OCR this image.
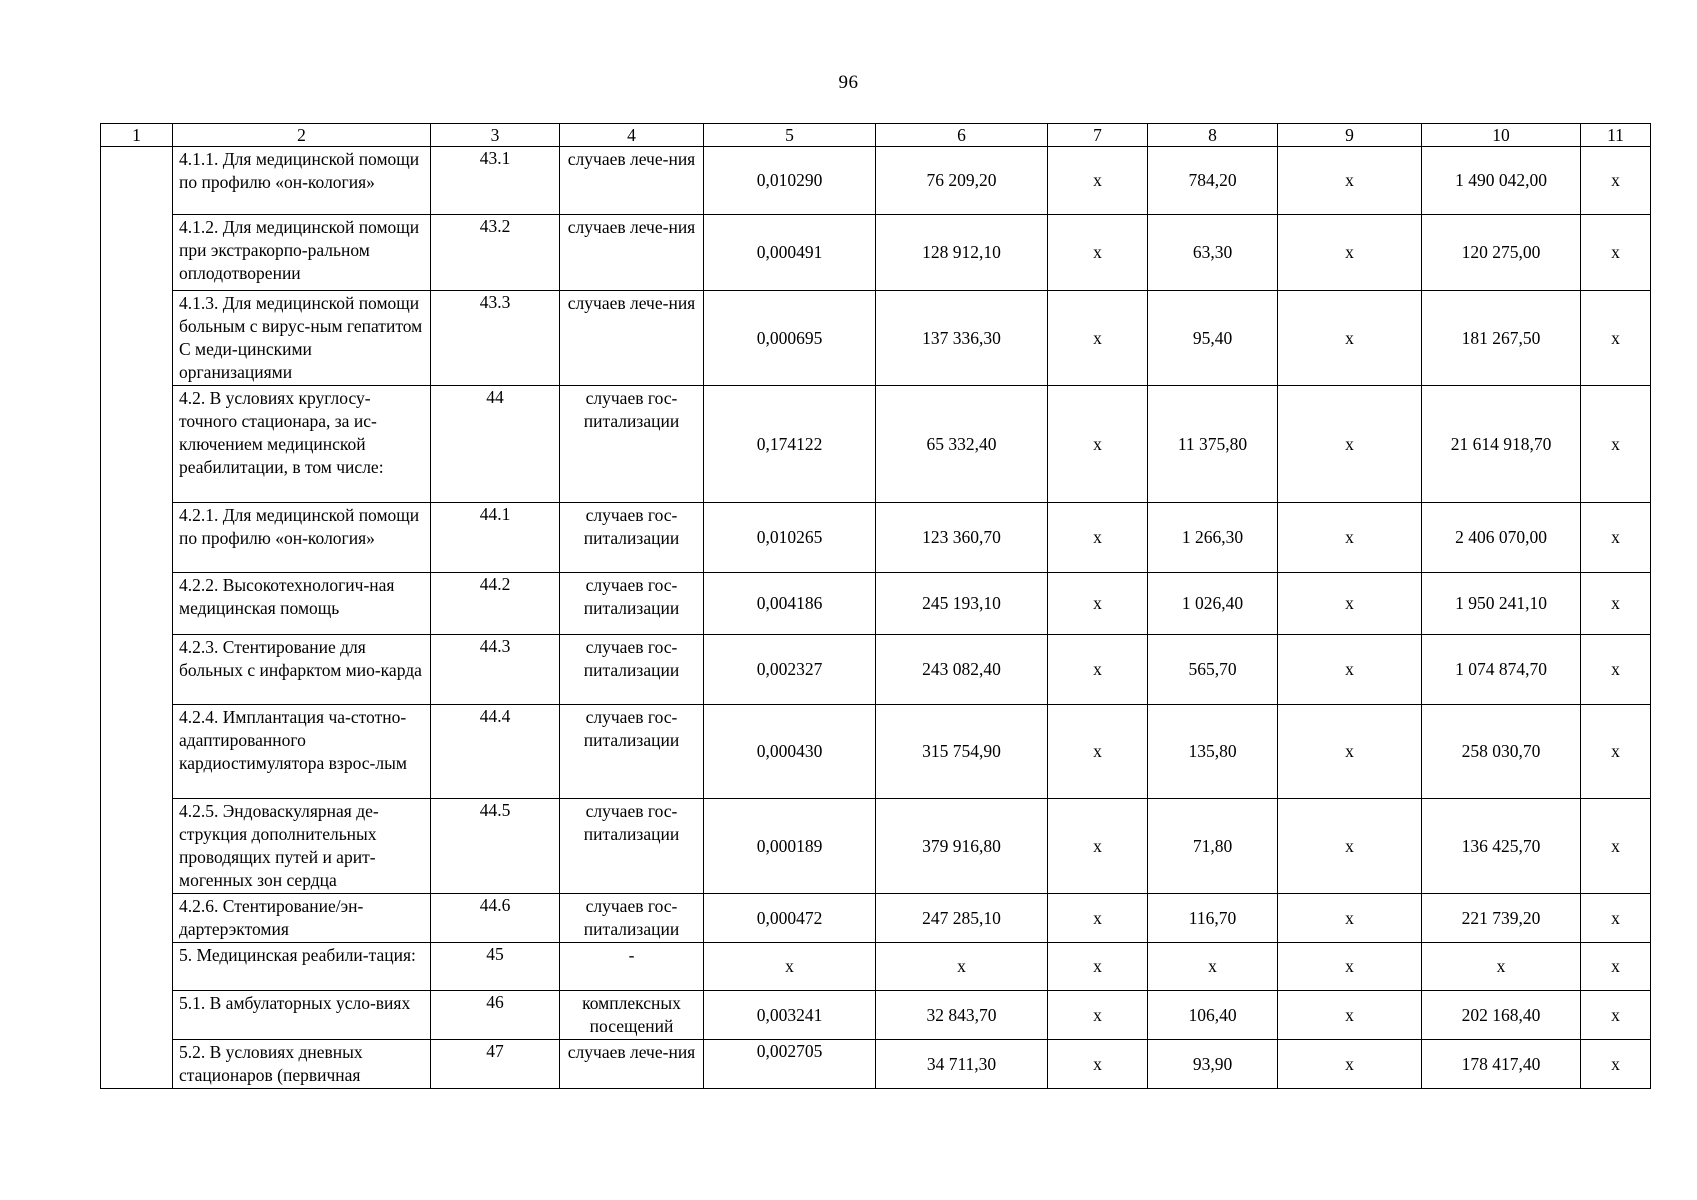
96
1	2	3	4	5	6	7	8	9	10	11
	4.1.1. Для медицинской помощи по профилю «он-кология»	43.1	случаев лече-ния	0,010290	76 209,20	х	784,20	х	1 490 042,00	х
	4.1.2. Для медицинской помощи при экстракорпо-ральном оплодотворении	43.2	случаев лече-ния	0,000491	128 912,10	х	63,30	х	120 275,00	х
	4.1.3. Для медицинской помощи больным с вирус-ным гепатитом С меди-цинскими организациями	43.3	случаев лече-ния	0,000695	137 336,30	х	95,40	х	181 267,50	х
	4.2. В условиях круглосу-точного стационара, за ис-ключением медицинской реабилитации, в том числе:	44	случаев гос-питализации	0,174122	65 332,40	х	11 375,80	х	21 614 918,70	х
	4.2.1. Для медицинской помощи по профилю «он-кология»	44.1	случаев гос-питализации	0,010265	123 360,70	х	1 266,30	х	2 406 070,00	х
	4.2.2. Высокотехнологич-ная медицинская помощь	44.2	случаев гос-питализации	0,004186	245 193,10	х	1 026,40	х	1 950 241,10	х
	4.2.3. Стентирование для больных с инфарктом мио-карда	44.3	случаев гос-питализации	0,002327	243 082,40	х	565,70	х	1 074 874,70	х
	4.2.4. Имплантация ча-стотно-адаптированного кардиостимулятора взрос-лым	44.4	случаев гос-питализации	0,000430	315 754,90	х	135,80	х	258 030,70	х
	4.2.5. Эндоваскулярная де-струкция дополнительных проводящих путей и арит-могенных зон сердца	44.5	случаев гос-питализации	0,000189	379 916,80	х	71,80	х	136 425,70	х
	4.2.6. Стентирование/эн-дартерэктомия	44.6	случаев гос-питализации	0,000472	247 285,10	х	116,70	х	221 739,20	х
	5. Медицинская реабили-тация:	45	-	х	х	х	х	х	х	х
	5.1. В амбулаторных усло-виях	46	комплексных посещений	0,003241	32 843,70	х	106,40	х	202 168,40	х
	5.2. В условиях дневных стационаров (первичная	47	случаев лече-ния	0,002705	34 711,30	х	93,90	х	178 417,40	х
